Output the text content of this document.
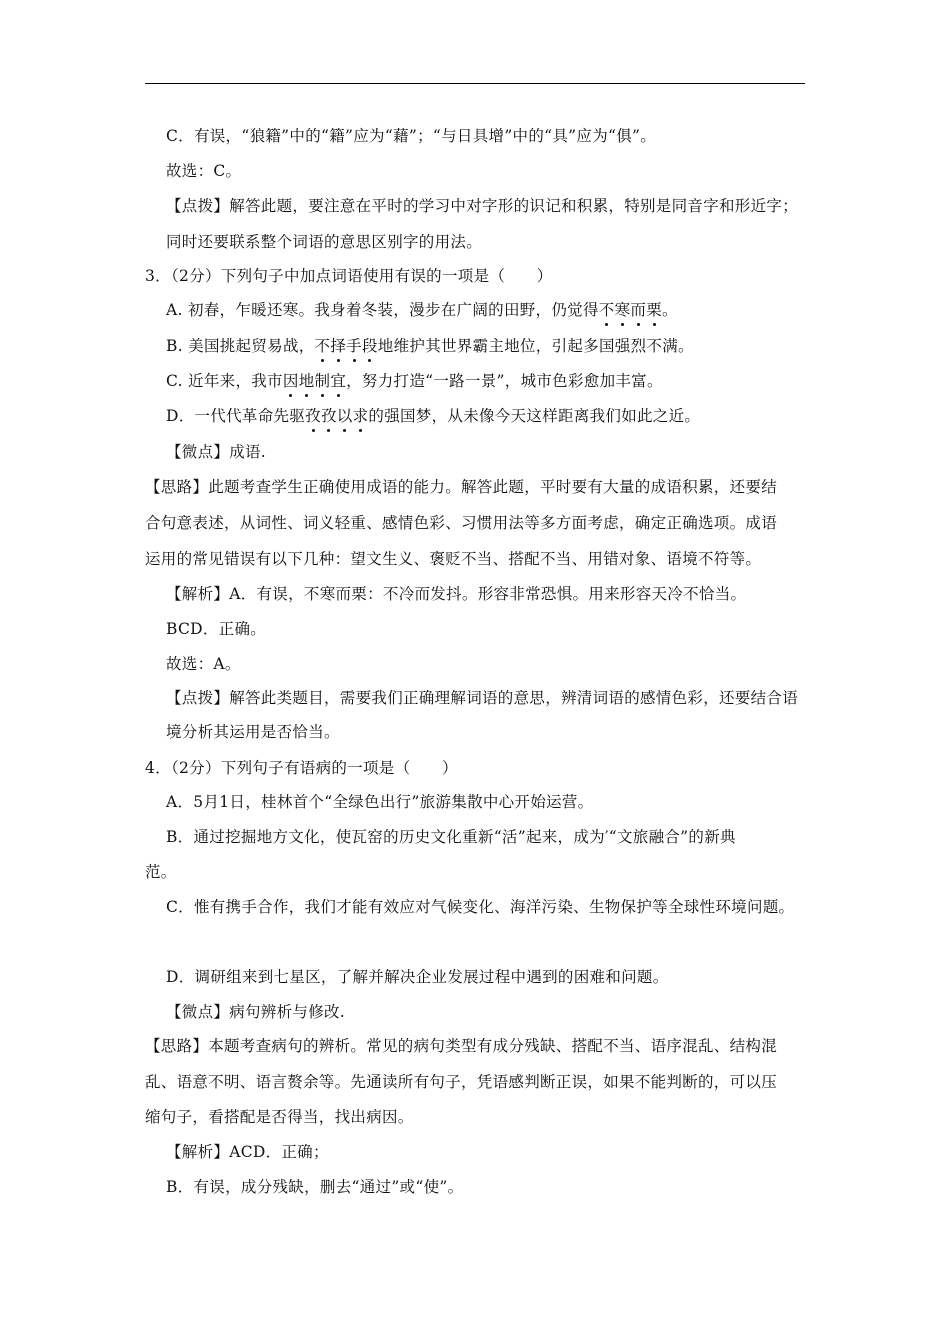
C．有误，“狼籍”中的“籍”应为“藉”；“与日具增”中的“具”应为“俱”。
故选：C。
【点拨】解答此题，要注意在平时的学习中对字形的识记和积累，特别是同音字和形近字；
同时还要联系整个词语的意思区别字的用法。
3．（2分）下列句子中加点词语使用有误的一项是（　　）
A. 初春，乍暖还寒。我身着冬装，漫步在广阔的田野，仍觉得不寒而栗。
B. 美国挑起贸易战，不择手段地维护其世界霸主地位，引起多国强烈不满。
C. 近年来，我市因地制宜，努力打造“一路一景”，城市色彩愈加丰富。
D．一代代革命先驱孜孜以求的强国梦，从未像今天这样距离我们如此之近。
【微点】成语.
【思路】此题考查学生正确使用成语的能力。解答此题，平时要有大量的成语积累，还要结
合句意表述，从词性、词义轻重、感情色彩、习惯用法等多方面考虑，确定正确选项。成语
运用的常见错误有以下几种：望文生义、褒贬不当、搭配不当、用错对象、语境不符等。
【解析】A．有误，不寒而栗：不冷而发抖。形容非常恐惧。用来形容天冷不恰当。
BCD．正确。
故选：A。
【点拨】解答此类题目，需要我们正确理解词语的意思，辨清词语的感情色彩，还要结合语
境分析其运用是否恰当。
4．（2分）下列句子有语病的一项是（　　）
A．5月1日，桂林首个“全绿色出行”旅游集散中心开始运营。
B．通过挖掘地方文化，使瓦窑的历史文化重新“活”起来，成为′“文旅融合”的新典
范。
C．惟有携手合作，我们才能有效应对气候变化、海洋污染、生物保护等全球性环境问题。
D．调研组来到七星区，了解并解决企业发展过程中遇到的困难和问题。
【微点】病句辨析与修改.
【思路】本题考查病句的辨析。常见的病句类型有成分残缺、搭配不当、语序混乱、结构混
乱、语意不明、语言赘余等。先通读所有句子，凭语感判断正误，如果不能判断的，可以压
缩句子，看搭配是否得当，找出病因。
【解析】ACD．正确；
B．有误，成分残缺，删去“通过”或“使”。
